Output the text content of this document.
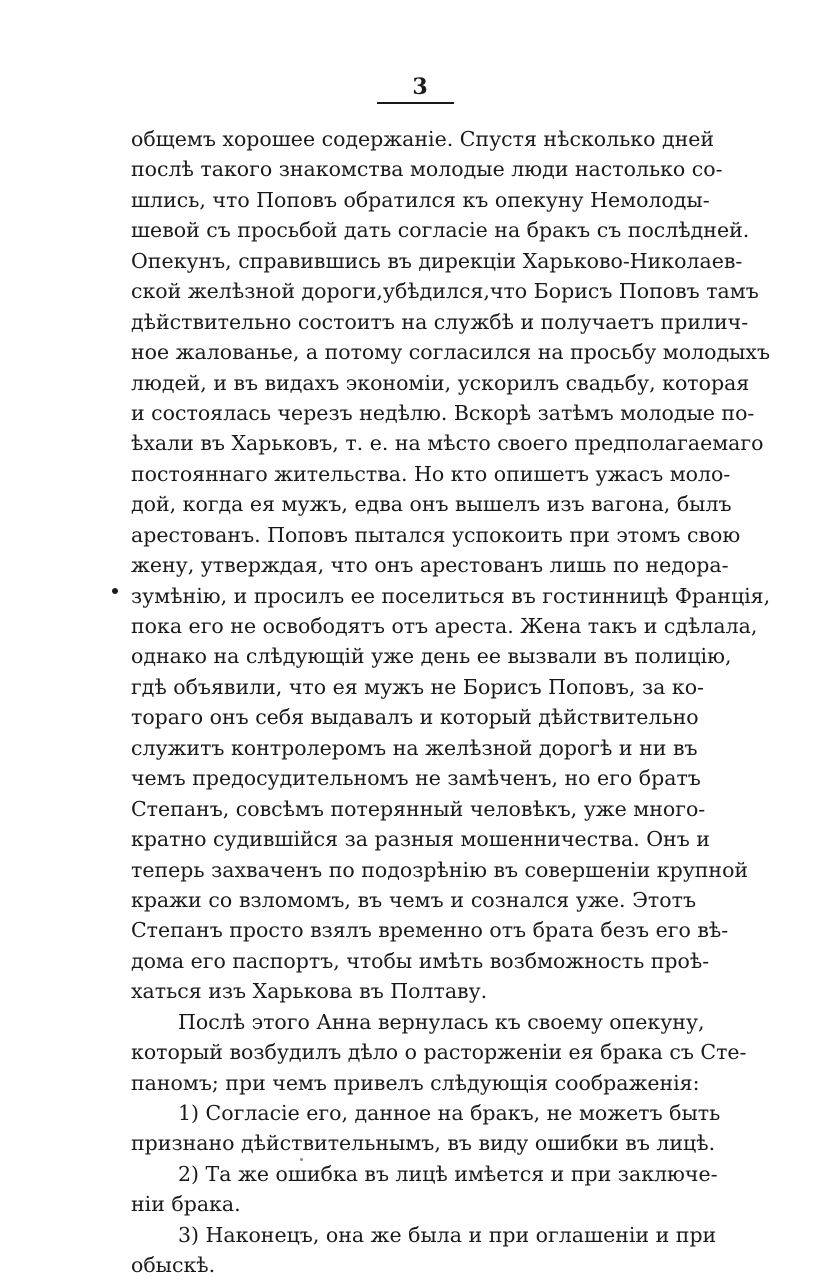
3
общемъ хорошее содержаніе. Спустя нѣсколько дней
послѣ такого знакомства молодые люди настолько со-
шлись, что Поповъ обратился къ опекуну Немолоды-
шевой съ просьбой дать согласіе на бракъ съ послѣдней.
Опекунъ, справившись въ дирекціи Харьково-Николаев-
ской желѣзной дороги,убѣдился,что Борисъ Поповъ тамъ
дѣйствительно состоитъ на службѣ и получаетъ прилич-
ное жалованье, а потому согласился на просьбу молодыхъ
людей, и въ видахъ экономіи, ускорилъ свадьбу, которая
и состоялась черезъ недѣлю. Вскорѣ затѣмъ молодые по-
ѣхали въ Харьковъ, т. е. на мѣсто своего предполагаемаго
постояннаго жительства. Но кто опишетъ ужасъ моло-
дой, когда ея мужъ, едва онъ вышелъ изъ вагона, былъ
арестованъ. Поповъ пытался успокоить при этомъ свою
жену, утверждая, что онъ арестованъ лишь по недора-
зумѣнію, и просилъ ее поселиться въ гостинницѣ Франція,
пока его не освободятъ отъ ареста. Жена такъ и сдѣлала,
однако на слѣдующій уже день ее вызвали въ полицію,
гдѣ объявили, что ея мужъ не Борисъ Поповъ, за ко-
тораго онъ себя выдавалъ и который дѣйствительно
служитъ контролеромъ на желѣзной дорогѣ и ни въ
чемъ предосудительномъ не замѣченъ, но его братъ
Степанъ, совсѣмъ потерянный человѣкъ, уже много-
кратно судившійся за разныя мошенничества. Онъ и
теперь захваченъ по подозрѣнію въ совершеніи крупной
кражи со взломомъ, въ чемъ и сознался уже. Этотъ
Степанъ просто взялъ временно отъ брата безъ его вѣ-
дома его паспортъ, чтобы имѣть возбможность проѣ-
хаться изъ Харькова въ Полтаву.
Послѣ этого Анна вернулась къ своему опекуну,
который возбудилъ дѣло о расторженіи ея брака съ Сте-
паномъ; при чемъ привелъ слѣдующія соображенія:
1) Согласіе его, данное на бракъ, не можетъ быть
признано дѣйствительнымъ, въ виду ошибки въ лицѣ.
2) Та же ошибка въ лицѣ имѣется и при заключе-
ніи брака.
3) Наконецъ, она же была и при оглашеніи и при
обыскѣ.
